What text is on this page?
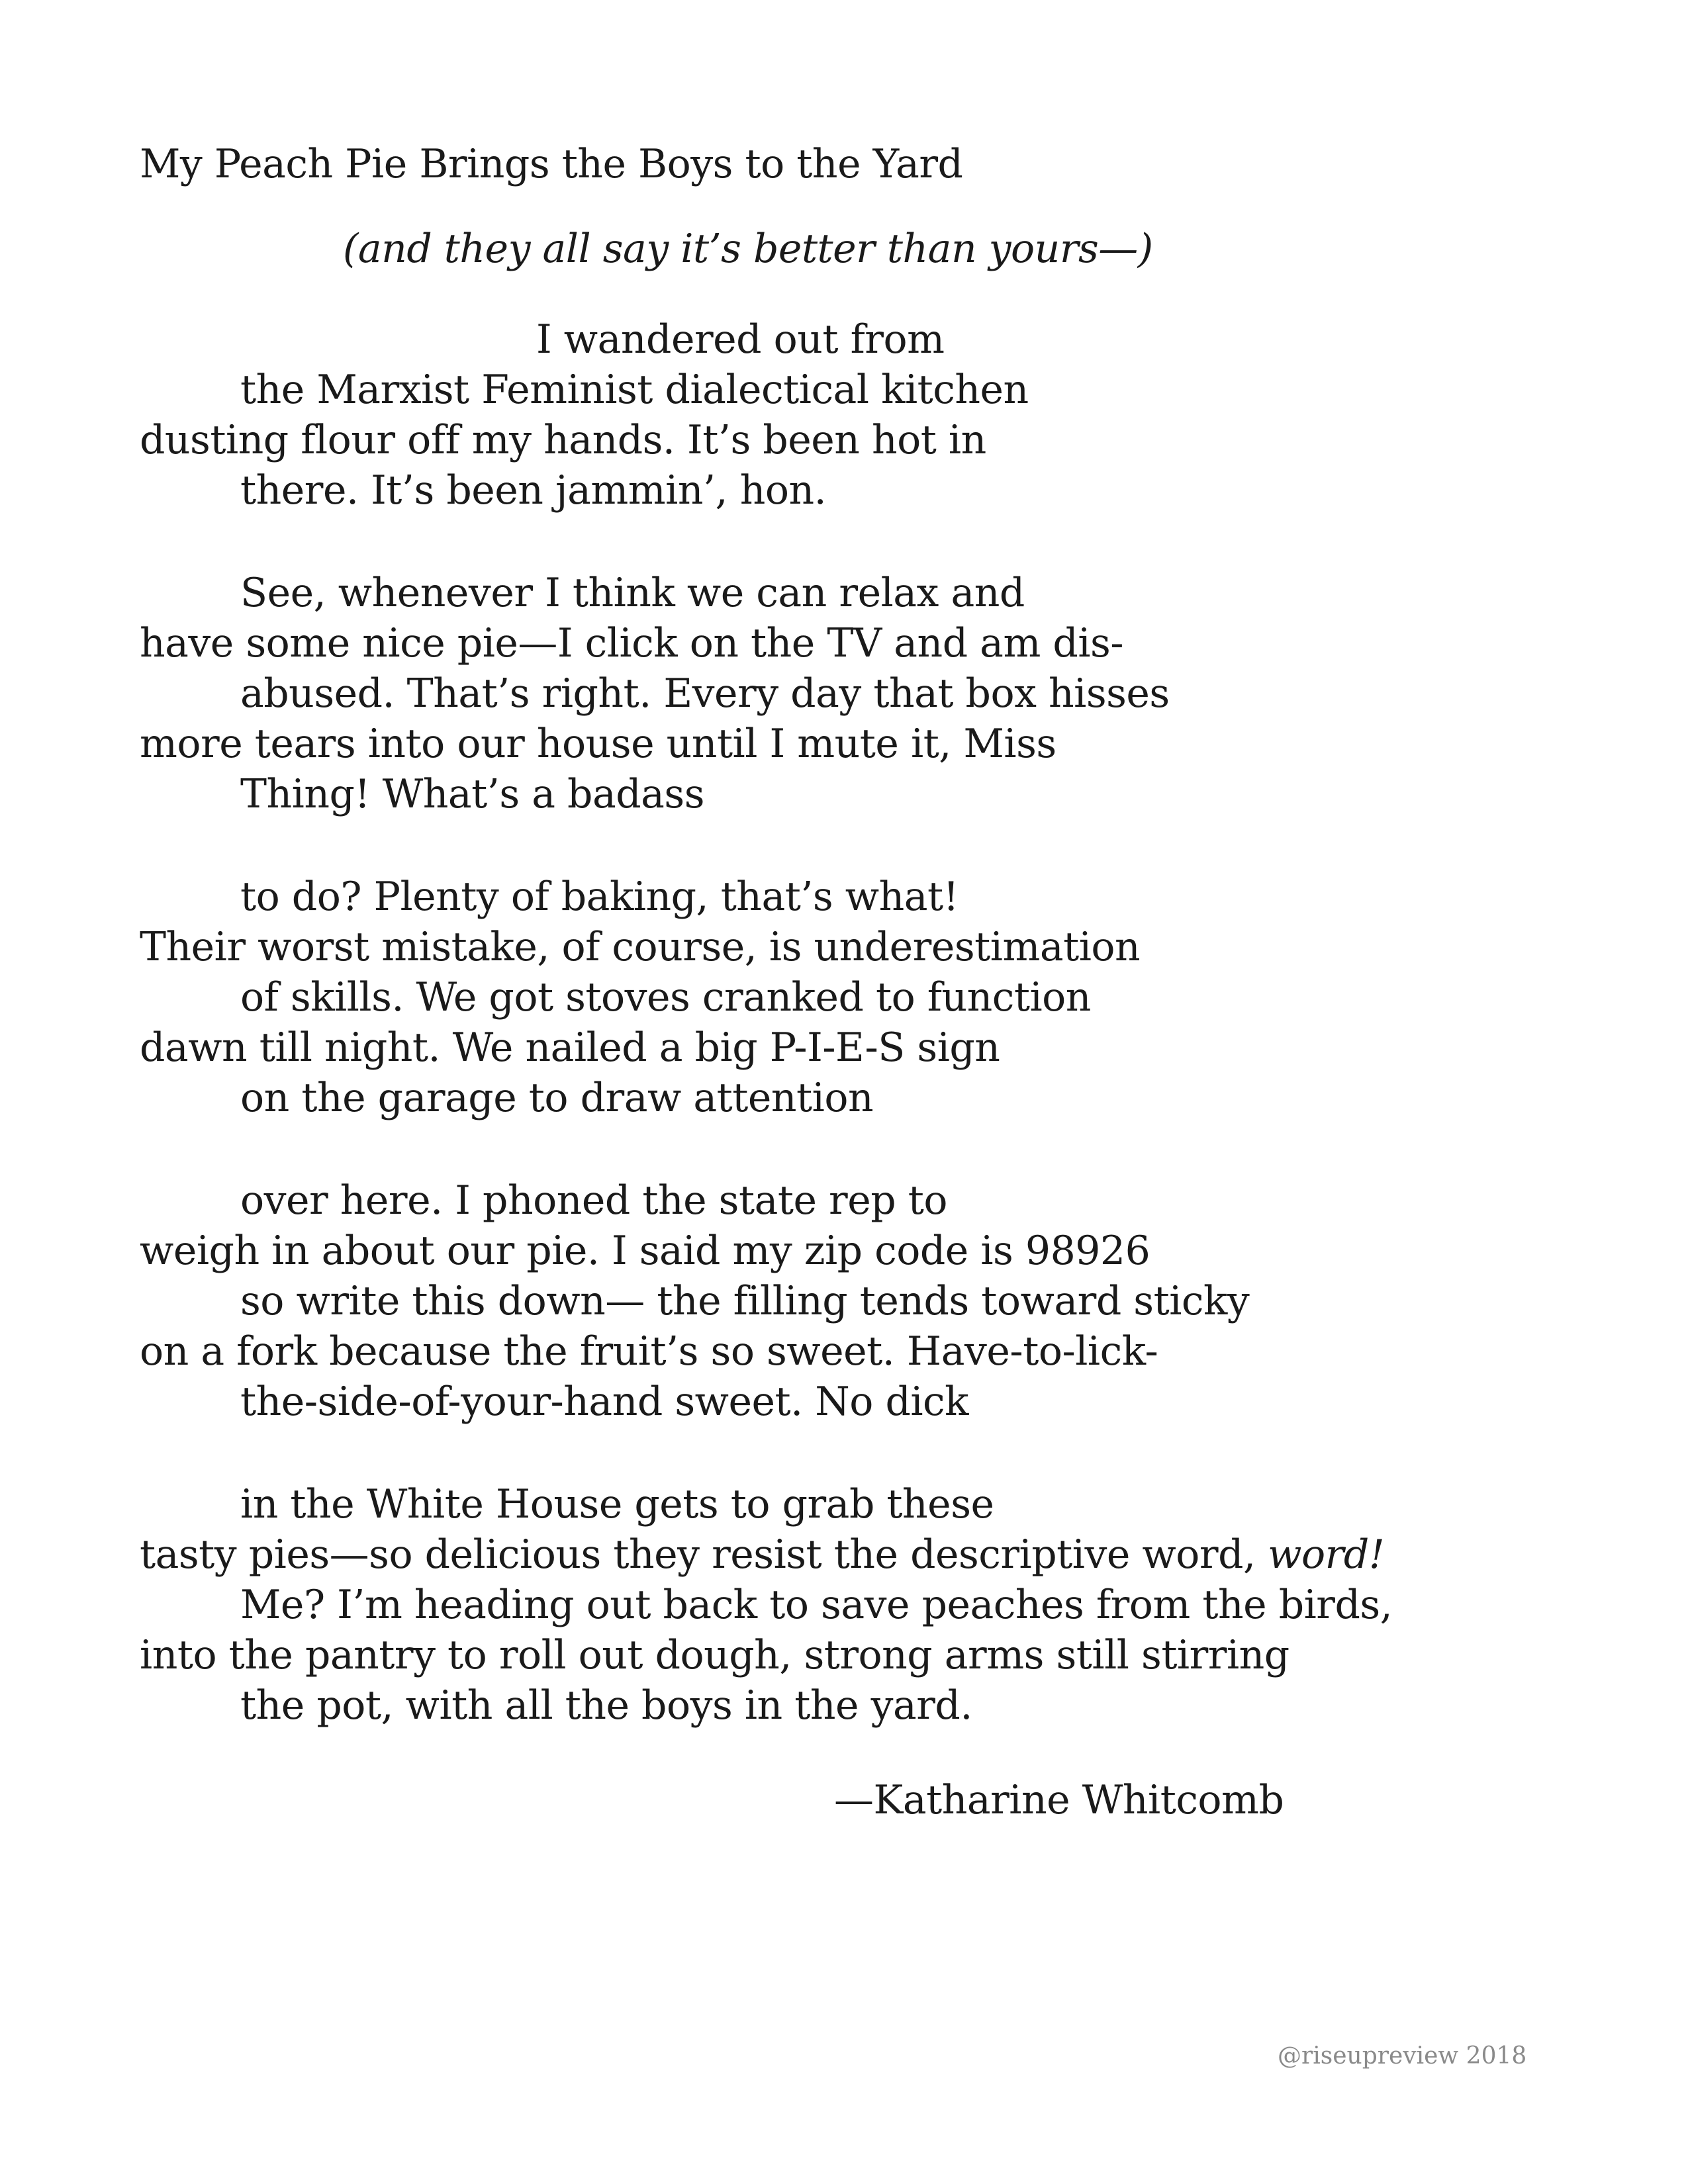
My Peach Pie Brings the Boys to the Yard
(and they all say it’s better than yours—)
I wandered out from
the Marxist Feminist dialectical kitchen
dusting flour off my hands. It’s been hot in
there. It’s been jammin’, hon.
See, whenever I think we can relax and
have some nice pie—I click on the TV and am dis-
abused. That’s right. Every day that box hisses
more tears into our house until I mute it, Miss
Thing! What’s a badass
to do? Plenty of baking, that’s what!
Their worst mistake, of course, is underestimation
of skills. We got stoves cranked to function
dawn till night. We nailed a big P-I-E-S sign
on the garage to draw attention
over here. I phoned the state rep to
weigh in about our pie. I said my zip code is 98926
so write this down— the filling tends toward sticky
on a fork because the fruit’s so sweet. Have-to-lick-
the-side-of-your-hand sweet. No dick
in the White House gets to grab these
tasty pies—so delicious they resist the descriptive word, word!
Me? I’m heading out back to save peaches from the birds,
into the pantry to roll out dough, strong arms still stirring
the pot, with all the boys in the yard.
—Katharine Whitcomb
@riseupreview 2018
